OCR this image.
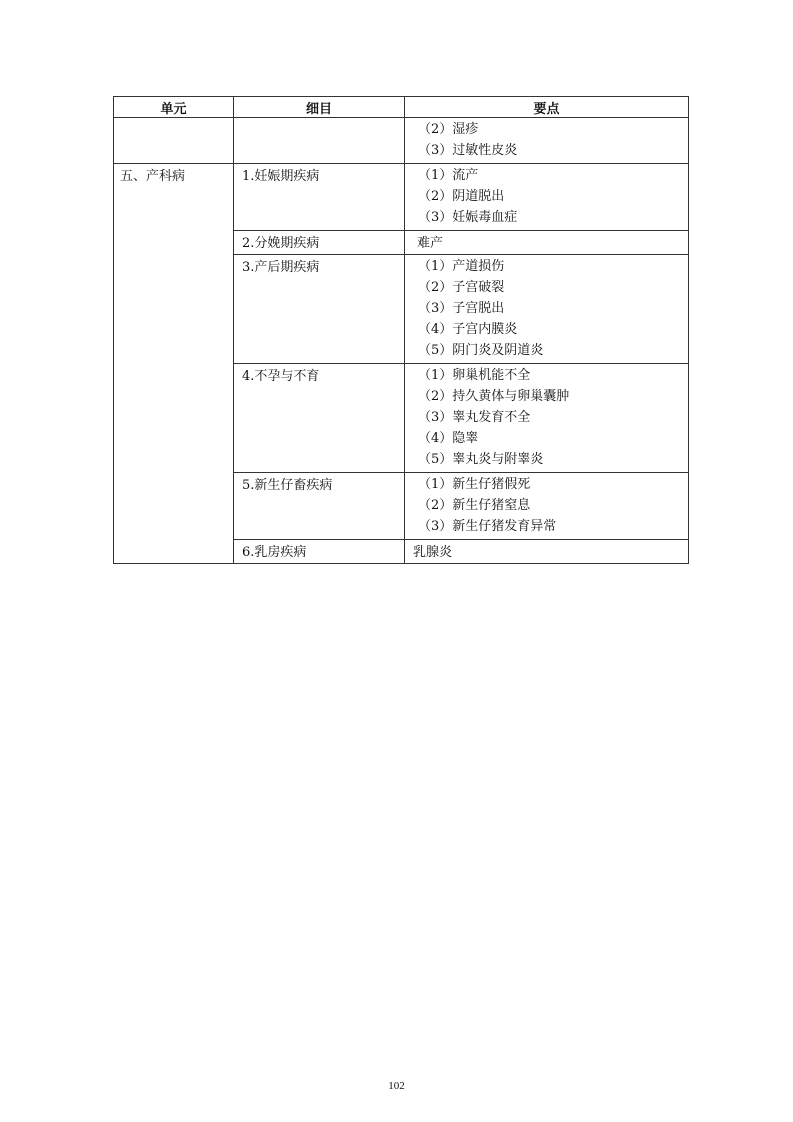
单元	细目	要点

		（2）湿疹
（3）过敏性皮炎

五、产科病	1.妊娠期疾病	（1）流产
（2）阴道脱出
（3）妊娠毒血症

	2.分娩期疾病	难产

	3.产后期疾病	（1）产道损伤
（2）子宫破裂
（3）子宫脱出
（4）子宫内膜炎
（5）阴门炎及阴道炎

	4.不孕与不育	（1）卵巢机能不全
（2）持久黄体与卵巢囊肿
（3）睾丸发育不全
（4）隐睾
（5）睾丸炎与附睾炎

	5.新生仔畜疾病	（1）新生仔猪假死
（2）新生仔猪窒息
（3）新生仔猪发育异常

	6.乳房疾病	乳腺炎
102
